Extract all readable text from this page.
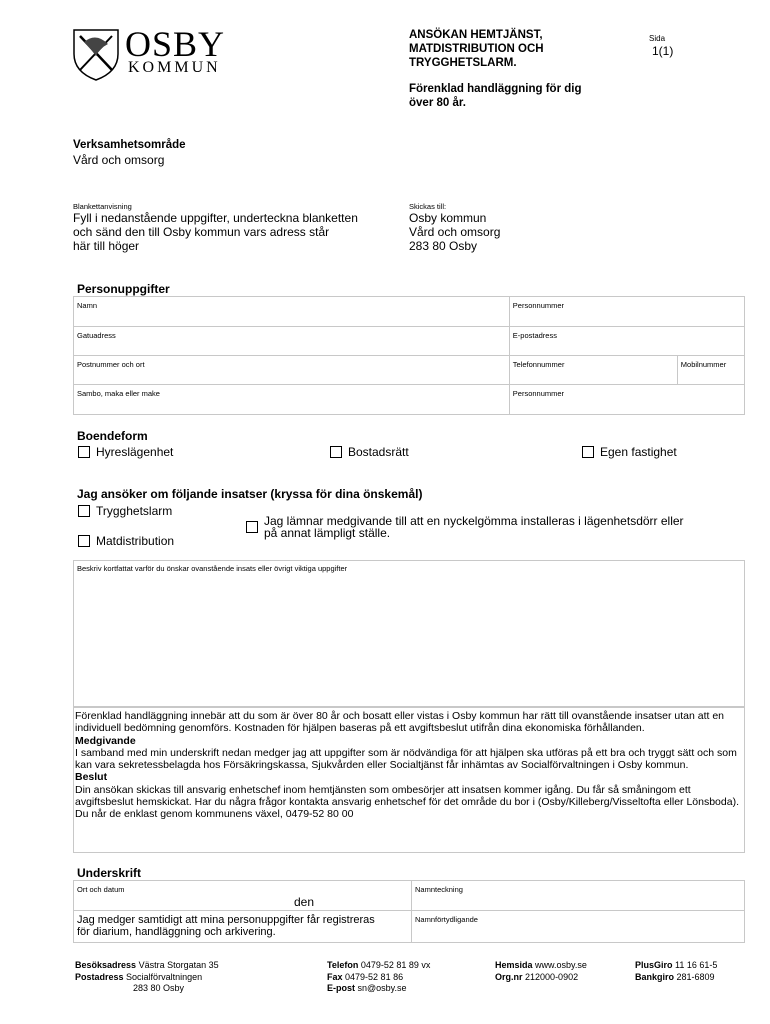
OSBY
KOMMUN
ANSÖKAN HEMTJÄNST,
MATDISTRIBUTION OCH
TRYGGHETSLARM.
Förenklad handläggning för dig
över 80 år.
Sida
1(1)
Verksamhetsområde
Vård och omsorg
Blankettanvisning
Fyll i nedanstående uppgifter, underteckna blanketten
och sänd den till Osby kommun vars adress står
här till höger
Skickas till:
Osby kommun
Vård och omsorg
283 80 Osby
Personuppgifter
Namn	Personnummer	
Gatuadress	E-postadress	
Postnummer och ort	Telefonnummer	Mobilnummer
Sambo, maka eller make	Personnummer	
Boendeform
Hyreslägenhet	Bostadsrätt	Egen fastighet
Jag ansöker om följande insatser (kryssa för dina önskemål)
Trygghetslarm
Jag lämnar medgivande till att en nyckelgömma installeras i lägenhetsdörr eller
på annat lämpligt ställe.
Matdistribution
Beskriv kortfattat varför du önskar ovanstående insats eller övrigt viktiga uppgifter
Förenklad handläggning innebär att du som är över 80 år och bosatt eller vistas i Osby kommun har rätt till ovanstående insatser utan att en individuell bedömning genomförs. Kostnaden för hjälpen baseras på ett avgiftsbeslut utifrån dina ekonomiska förhållanden.
Medgivande
I samband med min underskrift nedan medger jag att uppgifter som är nödvändiga för att hjälpen ska utföras på ett bra och tryggt sätt och som kan vara sekretessbelagda hos Försäkringskassa, Sjukvården eller Socialtjänst får inhämtas av Socialförvaltningen i Osby kommun.
Beslut
Din ansökan skickas till ansvarig enhetschef inom hemtjänsten som ombesörjer att insatsen kommer igång. Du får så småningom ett avgiftsbeslut hemskickat. Har du några frågor kontakta ansvarig enhetschef för det område du bor i (Osby/Killeberg/Visseltofta eller Lönsboda). Du når de enklast genom kommunens växel, 0479-52 80 00
Underskrift
Ort och datum
den	Namnteckning

Jag medger samtidigt att mina personuppgifter får registreras
för diarium, handläggning och arkivering.	Namnförtydligande
Besöksadress Västra Storgatan 35
Postadress Socialförvaltningen
283 80 Osby
Telefon 0479-52 81 89 vx
Fax 0479-52 81 86
E-post sn@osby.se
Hemsida www.osby.se
Org.nr 212000-0902
PlusGiro 11 16 61-5
Bankgiro 281-6809
